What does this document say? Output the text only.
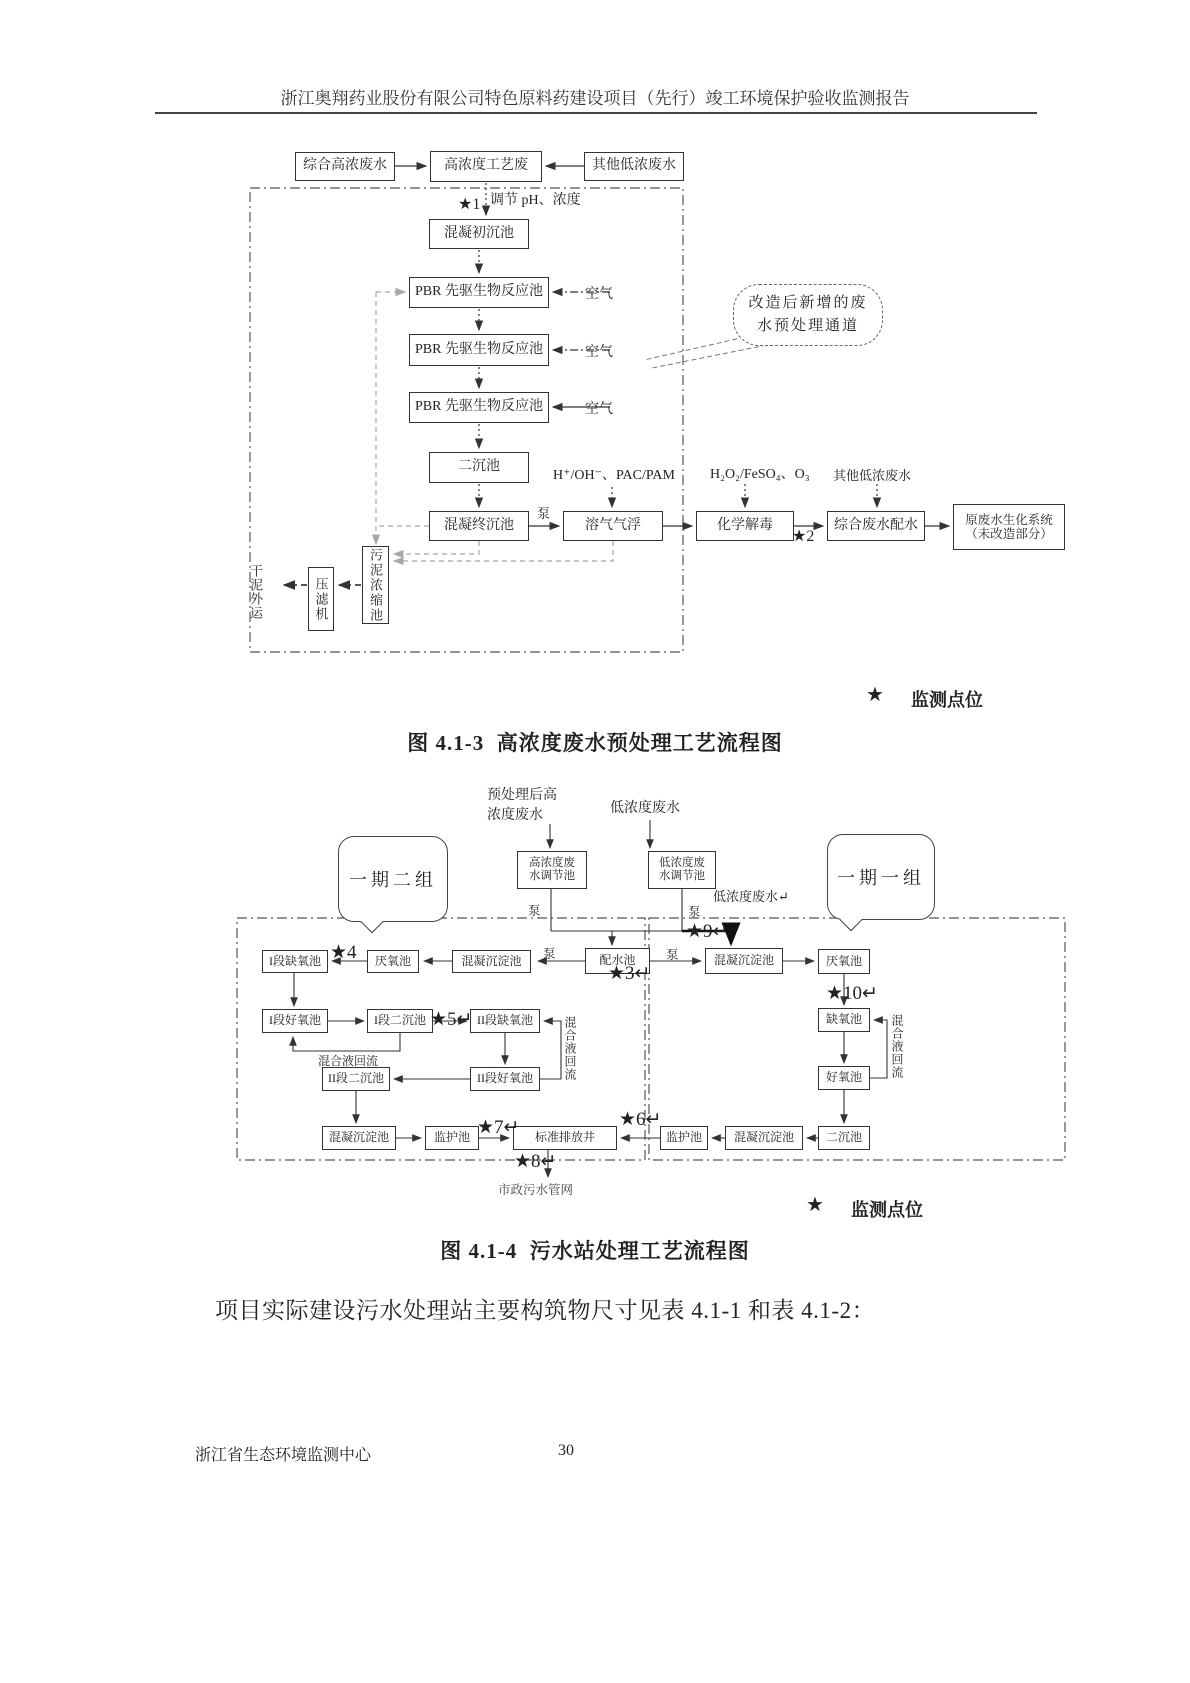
浙江奥翔药业股份有限公司特色原料药建设项目（先行）竣工环境保护验收监测报告
综合高浓废水	高浓度工艺废	其他低浓废水
调节 pH、浓度
★1
混凝初沉池
PBR 先驱生物反应池
PBR 先驱生物反应池
PBR 先驱生物反应池
空气
空气
空气
二沉池
H⁺/OH⁻、PAC/PAM
混凝终沉池
泵
溶气气浮
H₂O₂/FeSO₄、O₃
化学解毒
★2
其他低浓废水
综合废水配水	原废水生化系统
（未改造部分）
改造后新增的废
水预处理通道
污泥浓缩池
压滤机
干泥外运
★ 监测点位
图 4.1-3  高浓度废水预处理工艺流程图
预处理后高
浓度废水	低浓度废水
高浓度废
水调节池
低浓度废
水调节池
一期二组	一期一组
低浓度废水↵
★9↵
泵	泵
配水池
★3↵
泵	泵
I段缺氧池 ★4	厌氧池	混凝沉淀池
I段好氧池	I段二沉池 ★5↵ II段缺氧池	混合液回流
混合液回流
II段二沉池	II段好氧池
混凝沉淀池	监护池 ★7↵	标准排放井
★6↵
监护池	混凝沉淀池	二沉池
混凝沉淀池	厌氧池
★10↵
缺氧池
好氧池	混合液回流
★8↵
市政污水管网
★ 监测点位
图 4.1-4  污水站处理工艺流程图
项目实际建设污水处理站主要构筑物尺寸见表 4.1-1 和表 4.1-2：
浙江省生态环境监测中心	30
